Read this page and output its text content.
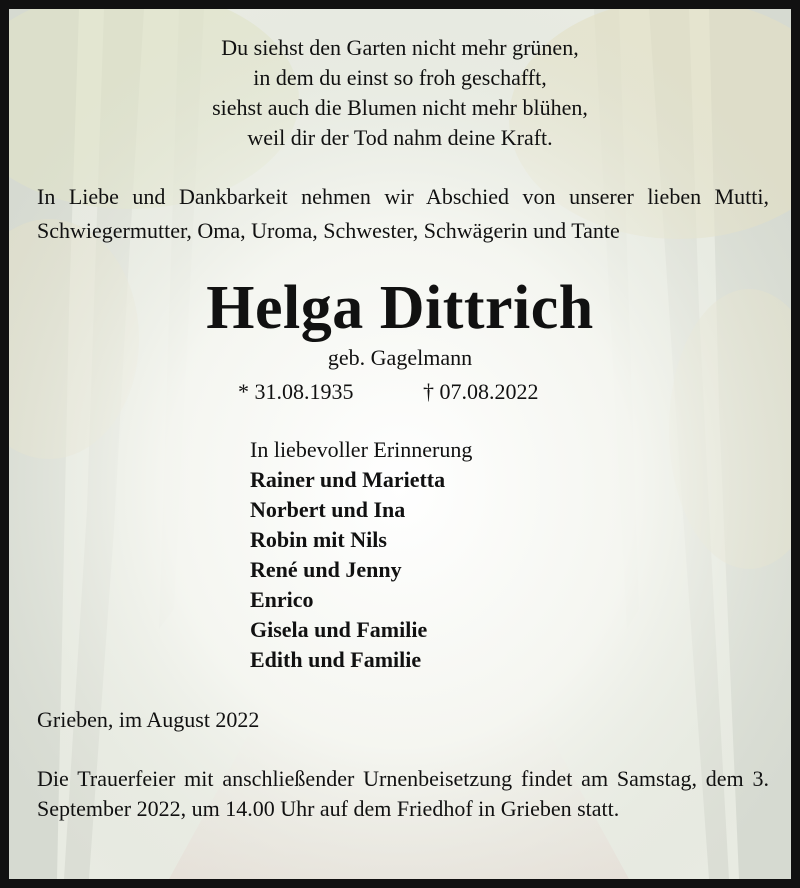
Du siehst den Garten nicht mehr grünen,
in dem du einst so froh geschafft,
siehst auch die Blumen nicht mehr blühen,
weil dir der Tod nahm deine Kraft.
In Liebe und Dankbarkeit nehmen wir Abschied von unserer lieben Mutti, Schwiegermutter, Oma, Uroma, Schwester, Schwägerin und Tante
Helga Dittrich
geb. Gagelmann
* 31.08.1935	† 07.08.2022
In liebevoller Erinnerung
Rainer und Marietta
Norbert und Ina
Robin mit Nils
René und Jenny
Enrico
Gisela und Familie
Edith und Familie
Grieben, im August 2022
Die Trauerfeier mit anschließender Urnenbeisetzung findet am Samstag, dem 3. September 2022, um 14.00 Uhr auf dem Friedhof in Grieben statt.
